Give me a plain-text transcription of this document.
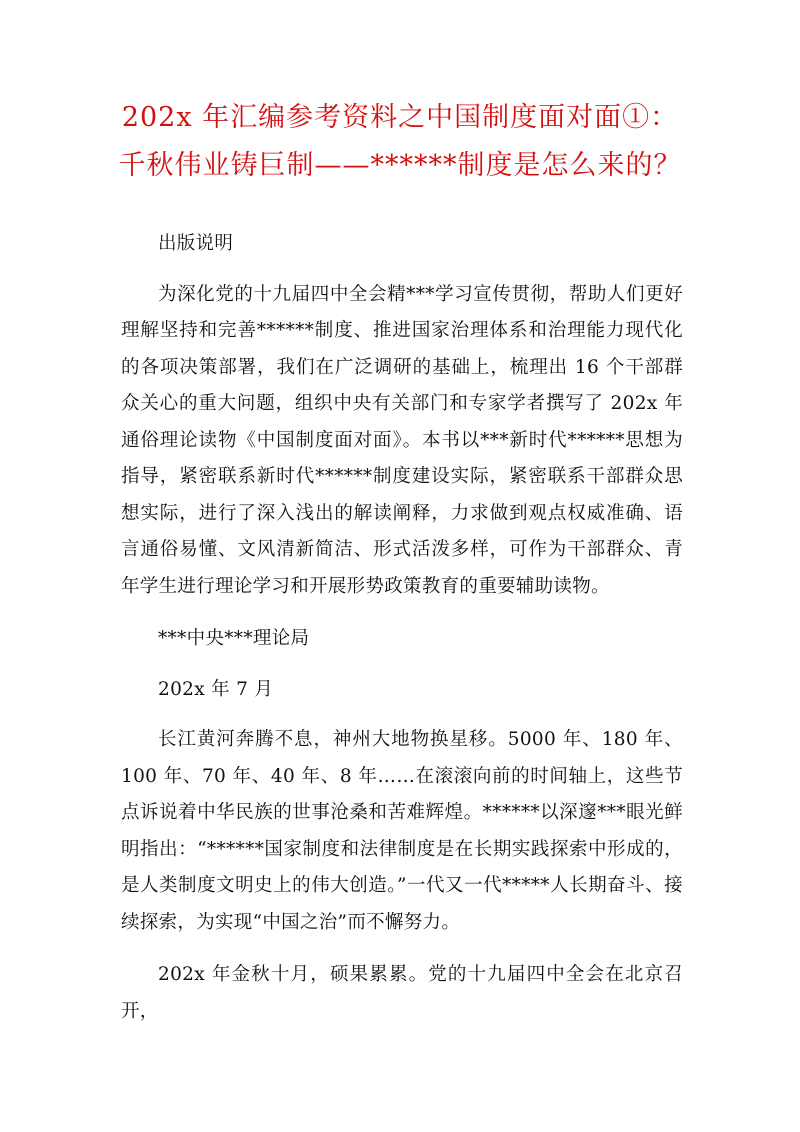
202x 年汇编参考资料之中国制度面对面①：千秋伟业铸巨制——******制度是怎么来的？

出版说明

为深化党的十九届四中全会精***学习宣传贯彻，帮助人们更好理解坚持和完善******制度、推进国家治理体系和治理能力现代化的各项决策部署，我们在广泛调研的基础上，梳理出 16 个干部群众关心的重大问题，组织中央有关部门和专家学者撰写了 202x 年通俗理论读物《中国制度面对面》。本书以***新时代******思想为指导，紧密联系新时代******制度建设实际，紧密联系干部群众思想实际，进行了深入浅出的解读阐释，力求做到观点权威准确、语言通俗易懂、文风清新简洁、形式活泼多样，可作为干部群众、青年学生进行理论学习和开展形势政策教育的重要辅助读物。

***中央***理论局

202x 年 7 月

长江黄河奔腾不息，神州大地物换星移。5000 年、180 年、100 年、70 年、40 年、8 年……在滚滚向前的时间轴上，这些节点诉说着中华民族的世事沧桑和苦难辉煌。******以深邃***眼光鲜明指出：“******国家制度和法律制度是在长期实践探索中形成的，是人类制度文明史上的伟大创造。”一代又一代*****人长期奋斗、接续探索，为实现“中国之治”而不懈努力。

202x 年金秋十月，硕果累累。党的十九届四中全会在北京召开，
